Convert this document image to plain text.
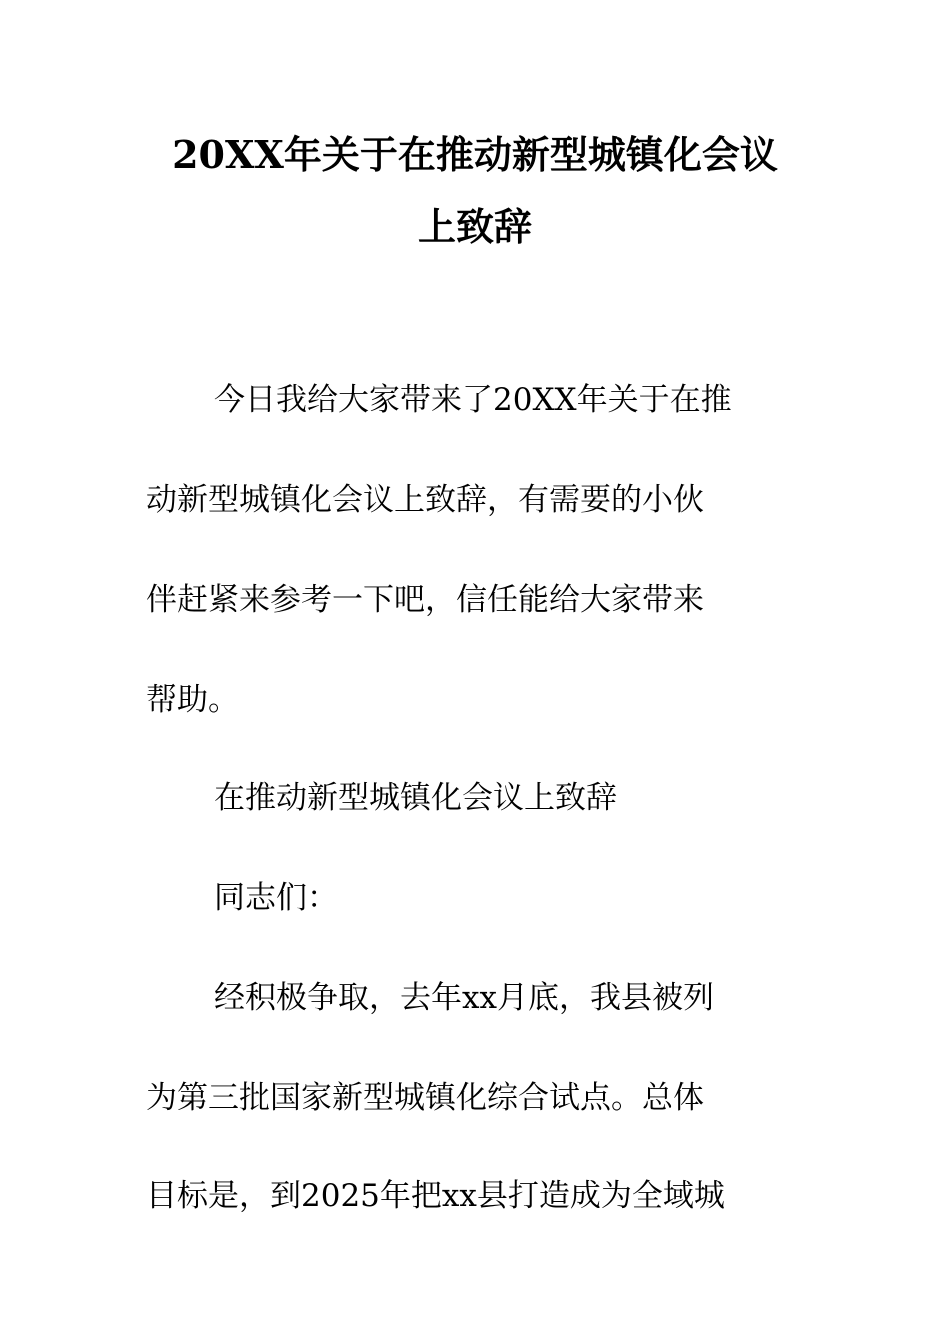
20XX年关于在推动新型城镇化会议
上致辞
今日我给大家带来了20XX年关于在推
动新型城镇化会议上致辞，有需要的小伙
伴赶紧来参考一下吧，信任能给大家带来
帮助。
在推动新型城镇化会议上致辞
同志们：
经积极争取，去年xx月底，我县被列
为第三批国家新型城镇化综合试点。总体
目标是，到2025年把xx县打造成为全域城
